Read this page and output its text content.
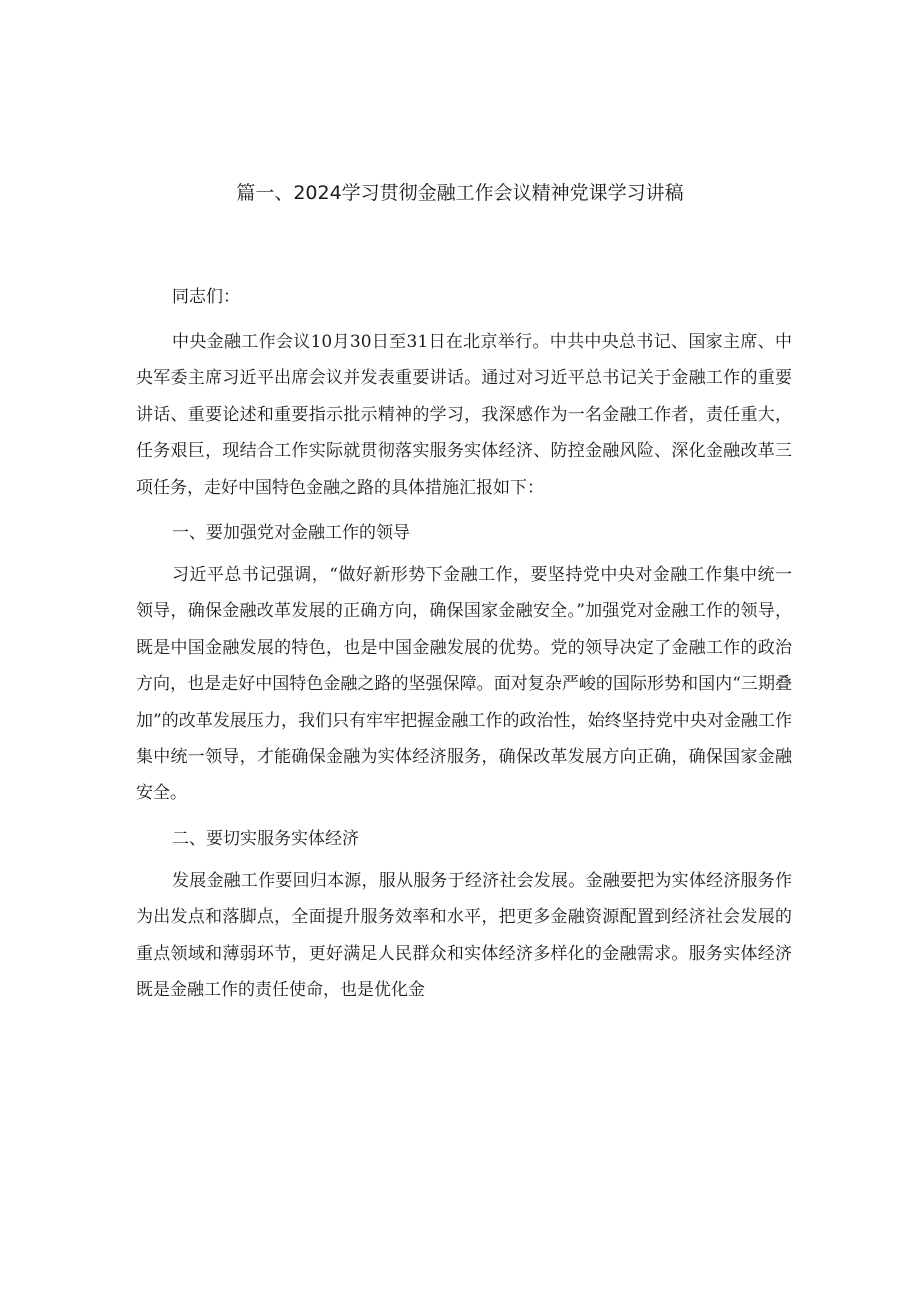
篇一、2024学习贯彻金融工作会议精神党课学习讲稿

同志们：

中央金融工作会议10月30日至31日在北京举行。中共中央总书记、国家主席、中央军委主席习近平出席会议并发表重要讲话。通过对习近平总书记关于金融工作的重要讲话、重要论述和重要指示批示精神的学习，我深感作为一名金融工作者，责任重大，任务艰巨，现结合工作实际就贯彻落实服务实体经济、防控金融风险、深化金融改革三项任务，走好中国特色金融之路的具体措施汇报如下：

一、要加强党对金融工作的领导

习近平总书记强调，“做好新形势下金融工作，要坚持党中央对金融工作集中统一领导，确保金融改革发展的正确方向，确保国家金融安全。”加强党对金融工作的领导，既是中国金融发展的特色，也是中国金融发展的优势。党的领导决定了金融工作的政治方向，也是走好中国特色金融之路的坚强保障。面对复杂严峻的国际形势和国内“三期叠加”的改革发展压力，我们只有牢牢把握金融工作的政治性，始终坚持党中央对金融工作集中统一领导，才能确保金融为实体经济服务，确保改革发展方向正确，确保国家金融安全。

二、要切实服务实体经济

发展金融工作要回归本源，服从服务于经济社会发展。金融要把为实体经济服务作为出发点和落脚点，全面提升服务效率和水平，把更多金融资源配置到经济社会发展的重点领域和薄弱环节，更好满足人民群众和实体经济多样化的金融需求。服务实体经济既是金融工作的责任使命，也是优化金
